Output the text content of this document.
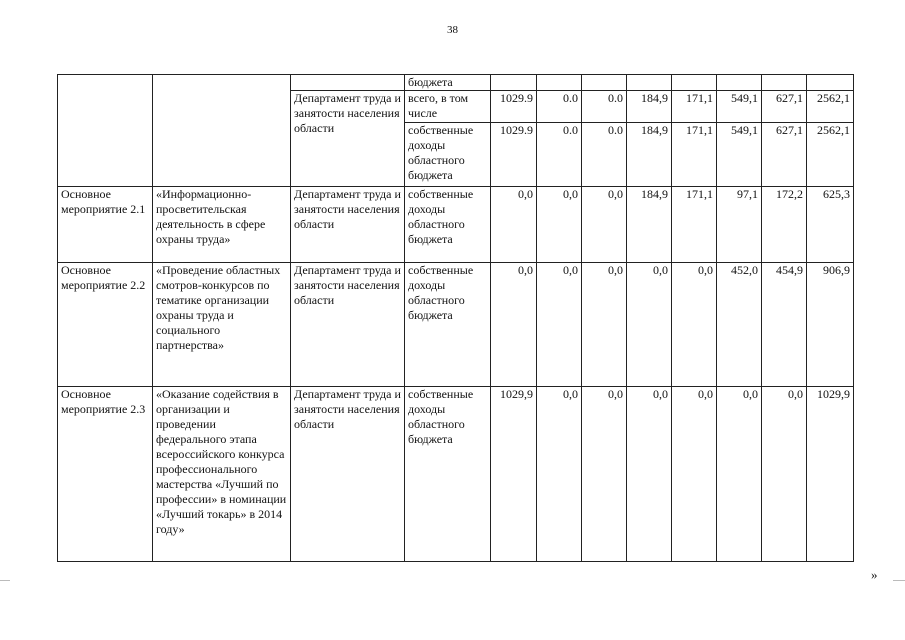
38
			бюджета								
		Департамент труда и занятости населения области	всего, в том числе	1029.9	0.0	0.0	184,9	171,1	549,1	627,1	2562,1
			собственные доходы областного бюджета	1029.9	0.0	0.0	184,9	171,1	549,1	627,1	2562,1
Основное мероприятие 2.1	«Информационно-просветительская деятельность в сфере охраны труда»	Департамент труда и занятости населения области	собственные доходы областного бюджета	0,0	0,0	0,0	184,9	171,1	97,1	172,2	625,3
Основное мероприятие 2.2	«Проведение областных смотров-конкурсов по тематике организации охраны труда и социального партнерства»	Департамент труда и занятости населения области	собственные доходы областного бюджета	0,0	0,0	0,0	0,0	0,0	452,0	454,9	906,9
Основное мероприятие 2.3	«Оказание содействия в организации и проведении федерального этапа всероссийского конкурса профессионального мастерства «Лучший по профессии» в номинации «Лучший токарь» в 2014 году»	Департамент труда и занятости населения области	собственные доходы областного бюджета	1029,9	0,0	0,0	0,0	0,0	0,0	0,0	1029,9
»
